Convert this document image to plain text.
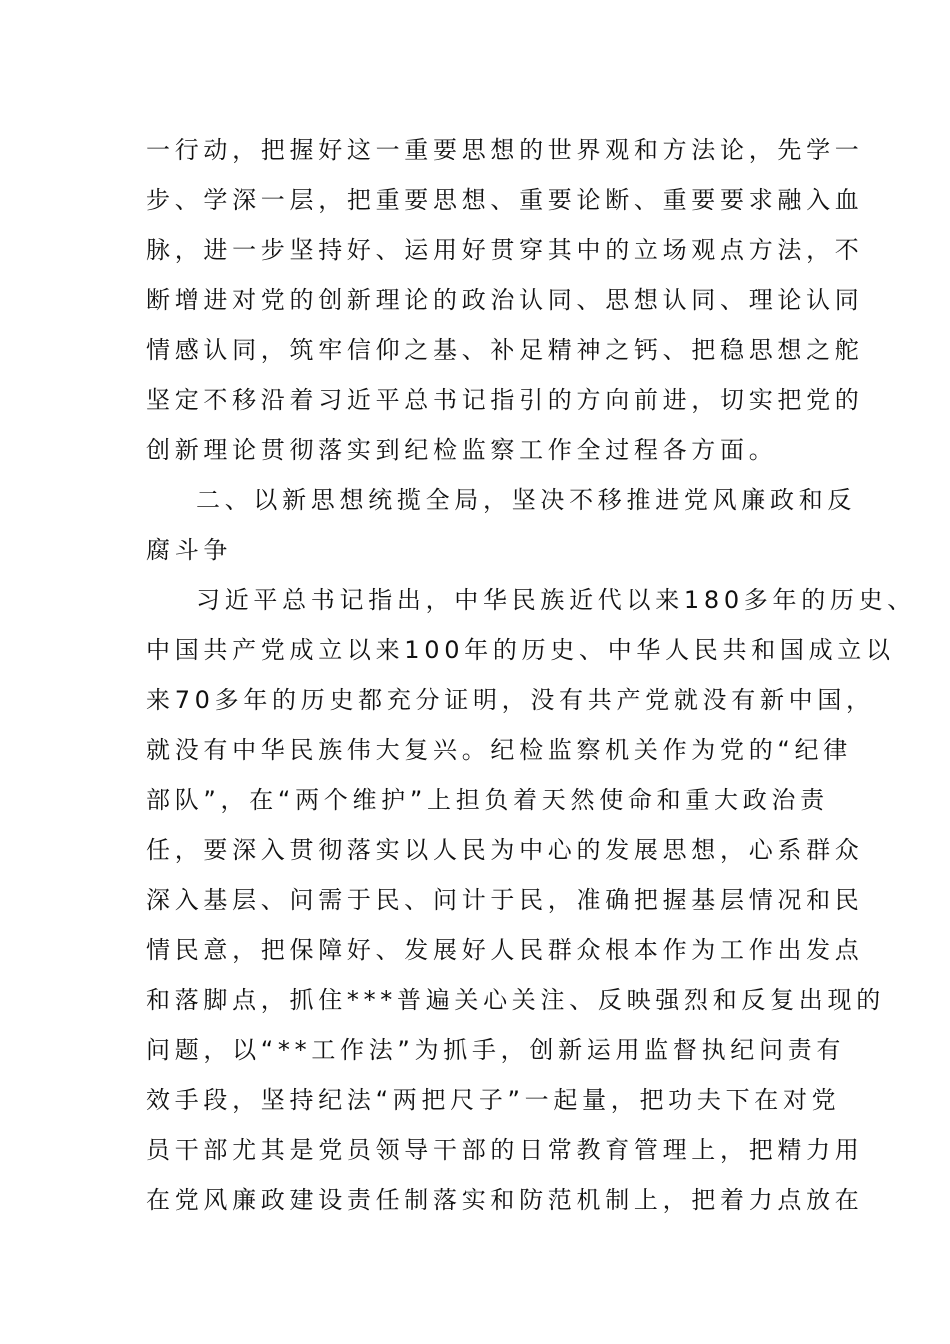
一行动，把握好这一重要思想的世界观和方法论，先学一
步、学深一层，把重要思想、重要论断、重要要求融入血
脉，进一步坚持好、运用好贯穿其中的立场观点方法，不
断增进对党的创新理论的政治认同、思想认同、理论认同
情感认同，筑牢信仰之基、补足精神之钙、把稳思想之舵
坚定不移沿着习近平总书记指引的方向前进，切实把党的
创新理论贯彻落实到纪检监察工作全过程各方面。
二、以新思想统揽全局，坚决不移推进党风廉政和反
腐斗争
习近平总书记指出，中华民族近代以来180多年的历史、
中国共产党成立以来100年的历史、中华人民共和国成立以
来70多年的历史都充分证明，没有共产党就没有新中国，
就没有中华民族伟大复兴。纪检监察机关作为党的“纪律
部队”，在“两个维护”上担负着天然使命和重大政治责
任，要深入贯彻落实以人民为中心的发展思想，心系群众
深入基层、问需于民、问计于民，准确把握基层情况和民
情民意，把保障好、发展好人民群众根本作为工作出发点
和落脚点，抓住***普遍关心关注、反映强烈和反复出现的
问题，以“**工作法”为抓手，创新运用监督执纪问责有
效手段，坚持纪法“两把尺子”一起量，把功夫下在对党
员干部尤其是党员领导干部的日常教育管理上，把精力用
在党风廉政建设责任制落实和防范机制上，把着力点放在
